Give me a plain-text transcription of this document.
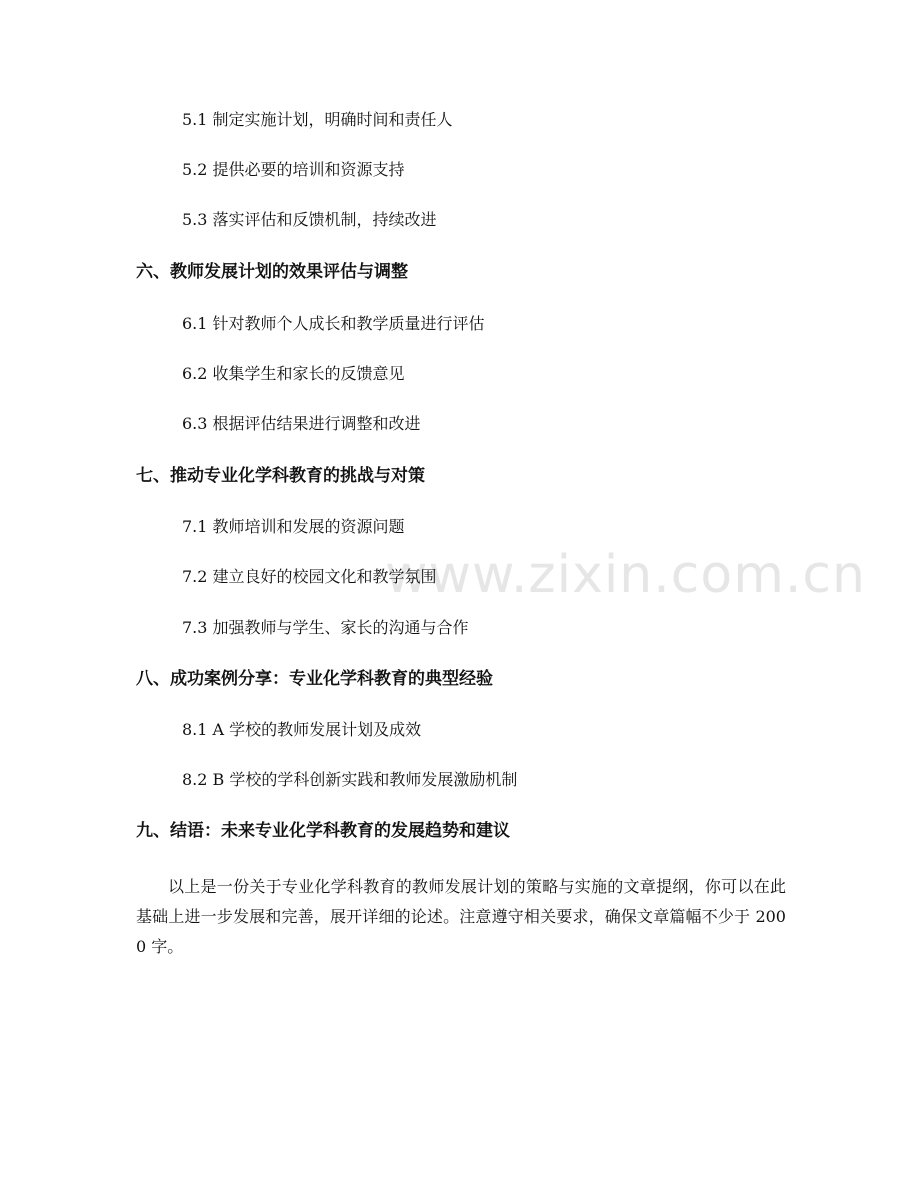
www.zixin.com.cn
5.1 制定实施计划，明确时间和责任人
5.2 提供必要的培训和资源支持
5.3 落实评估和反馈机制，持续改进
六、教师发展计划的效果评估与调整
6.1 针对教师个人成长和教学质量进行评估
6.2 收集学生和家长的反馈意见
6.3 根据评估结果进行调整和改进
七、推动专业化学科教育的挑战与对策
7.1 教师培训和发展的资源问题
7.2 建立良好的校园文化和教学氛围
7.3 加强教师与学生、家长的沟通与合作
八、成功案例分享：专业化学科教育的典型经验
8.1 A 学校的教师发展计划及成效
8.2 B 学校的学科创新实践和教师发展激励机制
九、结语：未来专业化学科教育的发展趋势和建议

以上是一份关于专业化学科教育的教师发展计划的策略与实施的文章提纲，你可以在此基础上进一步发展和完善，展开详细的论述。注意遵守相关要求，确保文章篇幅不少于 2000 字。
